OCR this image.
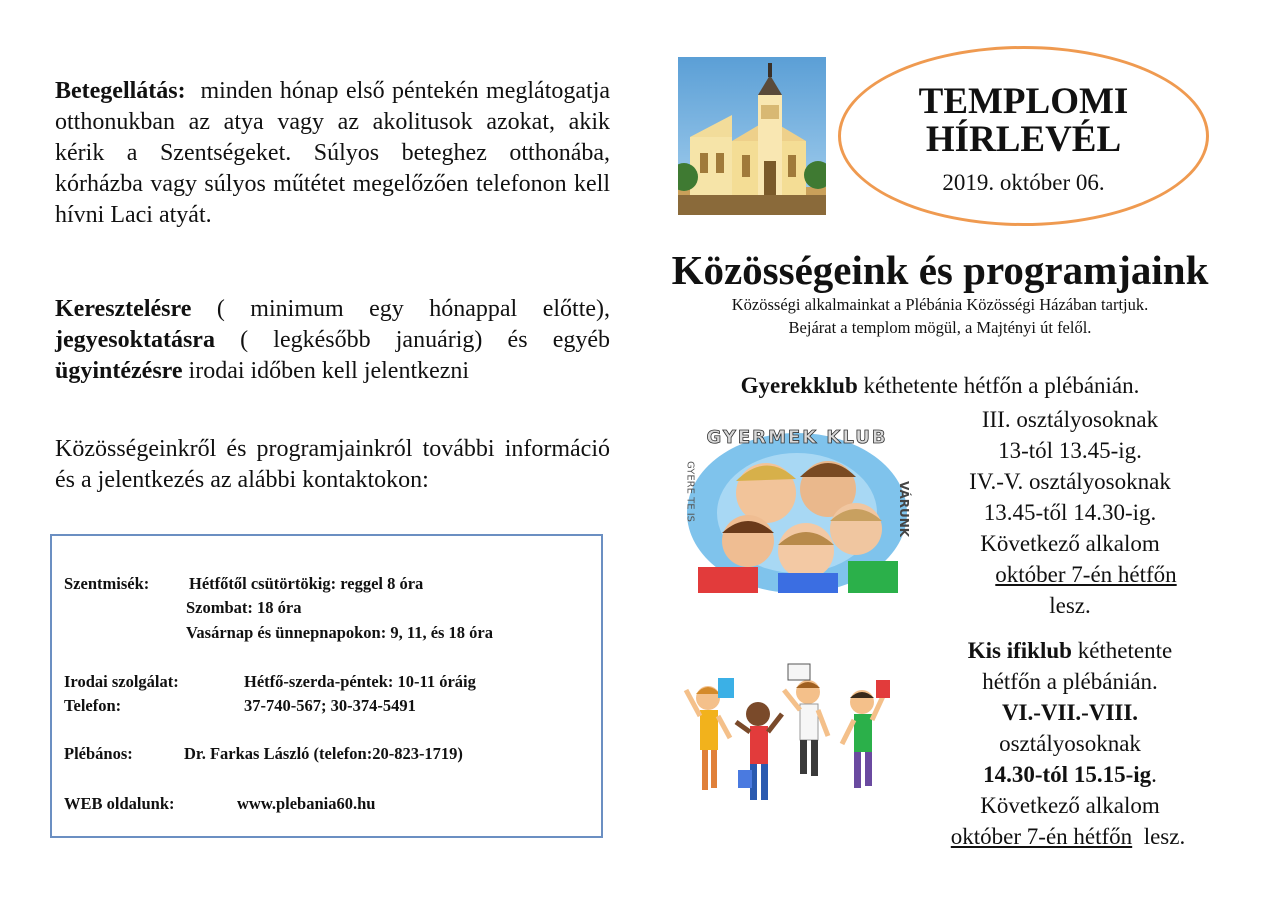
Betegellátás: minden hónap első péntekén meglátogatja otthonukban az atya vagy az akolitusok azokat, akik kérik a Szentségeket. Súlyos beteghez otthonába, kórházba vagy súlyos műtétet megelőzően telefonon kell hívni Laci atyát.
Keresztelésre ( minimum egy hónappal előtte), jegyesoktatásra ( legkésőbb januárig) és egyéb ügyintézésre irodai időben kell jelentkezni
Közösségeinkről és programjainkról további információ és a jelentkezés az alábbi kontaktokon:
Szentmisék: Hétfőtől csütörtökig: reggel 8 óra
Szombat: 18 óra
Vasárnap és ünnepnapokon: 9, 11, és 18 óra
Irodai szolgálat:	Hétfő-szerda-péntek: 10-11 óráig
Telefon:	37-740-567; 30-374-5491
Plébános:	Dr. Farkas László (telefon:20-823-1719)
WEB oldalunk:	www.plebania60.hu
TEMPLOMI
HÍRLEVÉL
2019. október 06.
Közösségeink és programjaink
Közösségi alkalmainkat a Plébánia Közösségi Házában tartjuk.
Bejárat a templom mögül, a Majtényi út felől.
Gyerekklub kéthetente hétfőn a plébánián.
GYERMEK KLUB
GYERE TE IS	VÁRUNK
III. osztályosoknak
13-tól 13.45-ig.
IV.-V. osztályosoknak
13.45-től 14.30-ig.
Következő alkalom
október 7-én hétfőn
lesz.
Kis ifiklub kéthetente
hétfőn a plébánián.
VI.-VII.-VIII.
osztályosoknak
14.30-tól 15.15-ig.
Következő alkalom
október 7-én hétfőn lesz.
